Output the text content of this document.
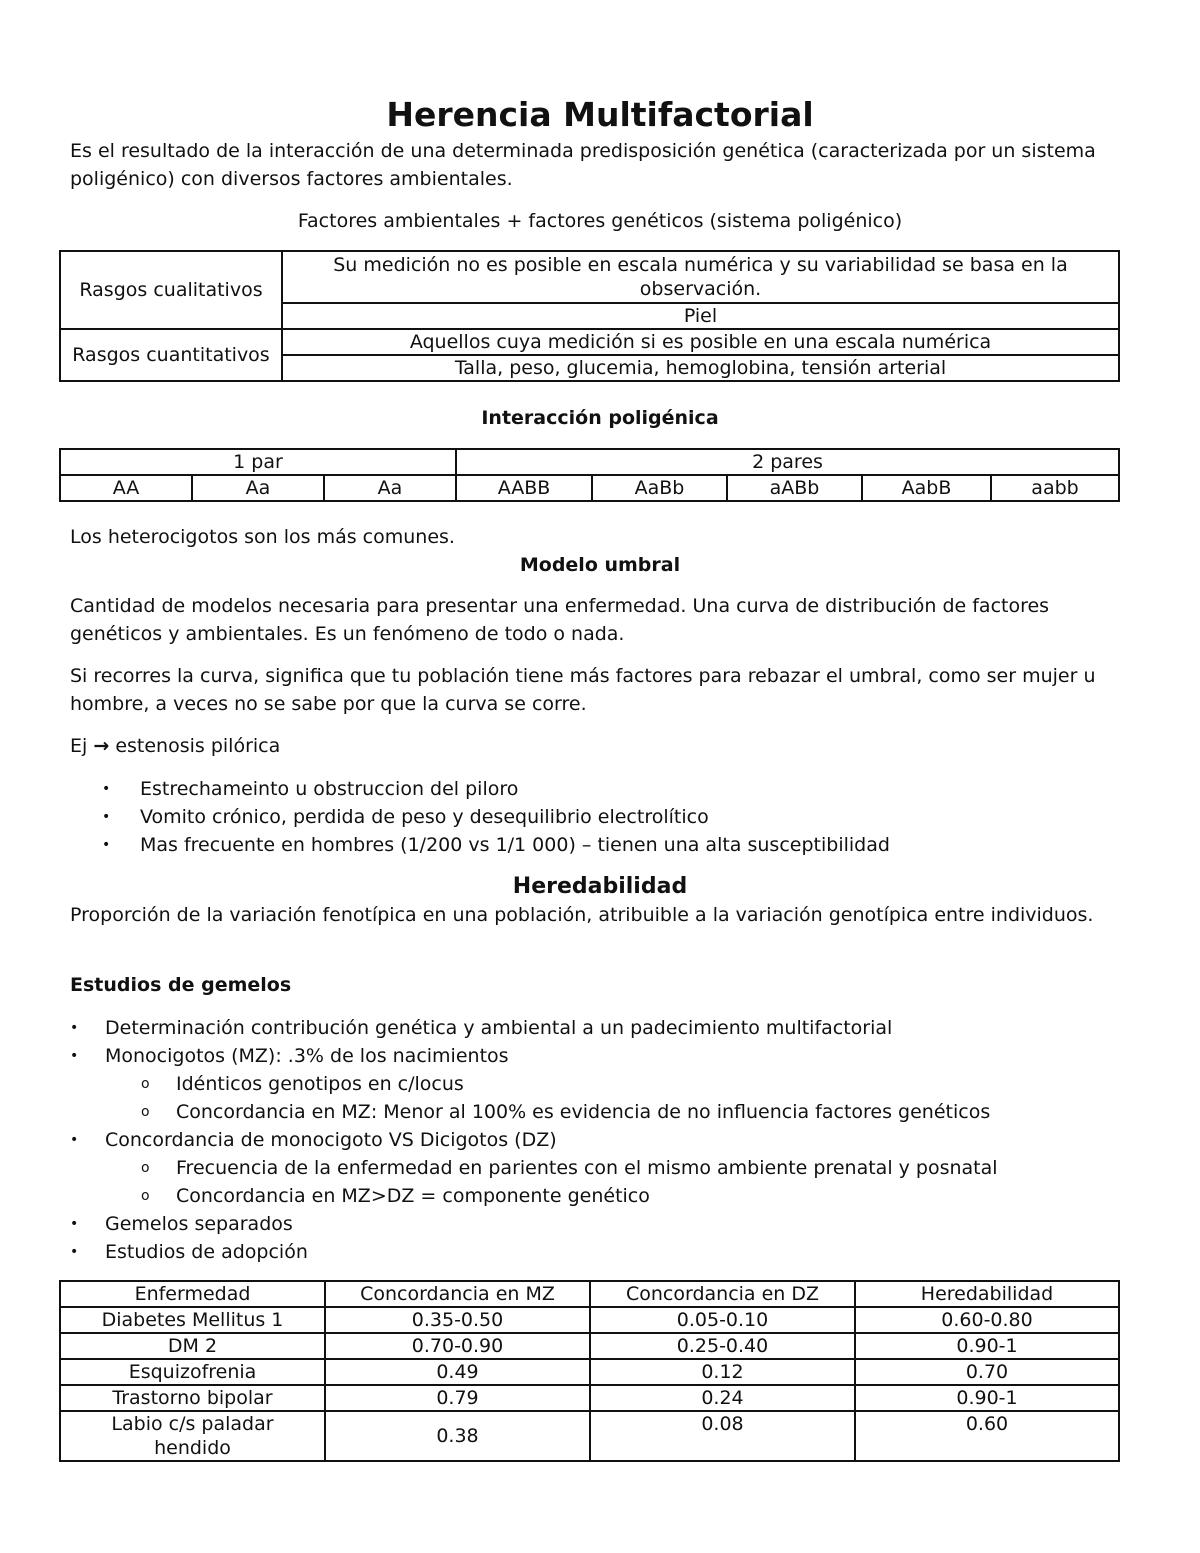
Herencia Multifactorial
Es el resultado de la interacción de una determinada predisposición genética (caracterizada por un sistema poligénico) con diversos factores ambientales.
Factores ambientales + factores genéticos (sistema poligénico)
Rasgos cualitativos	Su medición no es posible en escala numérica y su variabilidad se basa en la observación.
	Piel
Rasgos cuantitativos	Aquellos cuya medición si es posible en una escala numérica
	Talla, peso, glucemia, hemoglobina, tensión arterial
Interacción poligénica
1 par			2 pares				
AA	Aa	Aa	AABB	AaBb	aABb	AabB	aabb
Los heterocigotos son los más comunes.
Modelo umbral
Cantidad de modelos necesaria para presentar una enfermedad. Una curva de distribución de factores genéticos y ambientales. Es un fenómeno de todo o nada.
Si recorres la curva, significa que tu población tiene más factores para rebazar el umbral, como ser mujer u hombre, a veces no se sabe por que la curva se corre.
Ej → estenosis pilórica
• Estrechameinto u obstruccion del piloro
• Vomito crónico, perdida de peso y desequilibrio electrolítico
• Mas frecuente en hombres (1/200 vs 1/1 000) – tienen una alta susceptibilidad
Heredabilidad
Proporción de la variación fenotípica en una población, atribuible a la variación genotípica entre individuos.
Estudios de gemelos
• Determinación contribución genética y ambiental a un padecimiento multifactorial
• Monocigotos (MZ): .3% de los nacimientos
o Idénticos genotipos en c/locus
o Concordancia en MZ: Menor al 100% es evidencia de no influencia factores genéticos
• Concordancia de monocigoto VS Dicigotos (DZ)
o Frecuencia de la enfermedad en parientes con el mismo ambiente prenatal y posnatal
o Concordancia en MZ>DZ = componente genético
• Gemelos separados
• Estudios de adopción
Enfermedad	Concordancia en MZ	Concordancia en DZ	Heredabilidad
Diabetes Mellitus 1	0.35-0.50	0.05-0.10	0.60-0.80
DM 2	0.70-0.90	0.25-0.40	0.90-1
Esquizofrenia	0.49	0.12	0.70
Trastorno bipolar	0.79	0.24	0.90-1
Labio c/s paladar hendido	0.38	0.08	0.60
